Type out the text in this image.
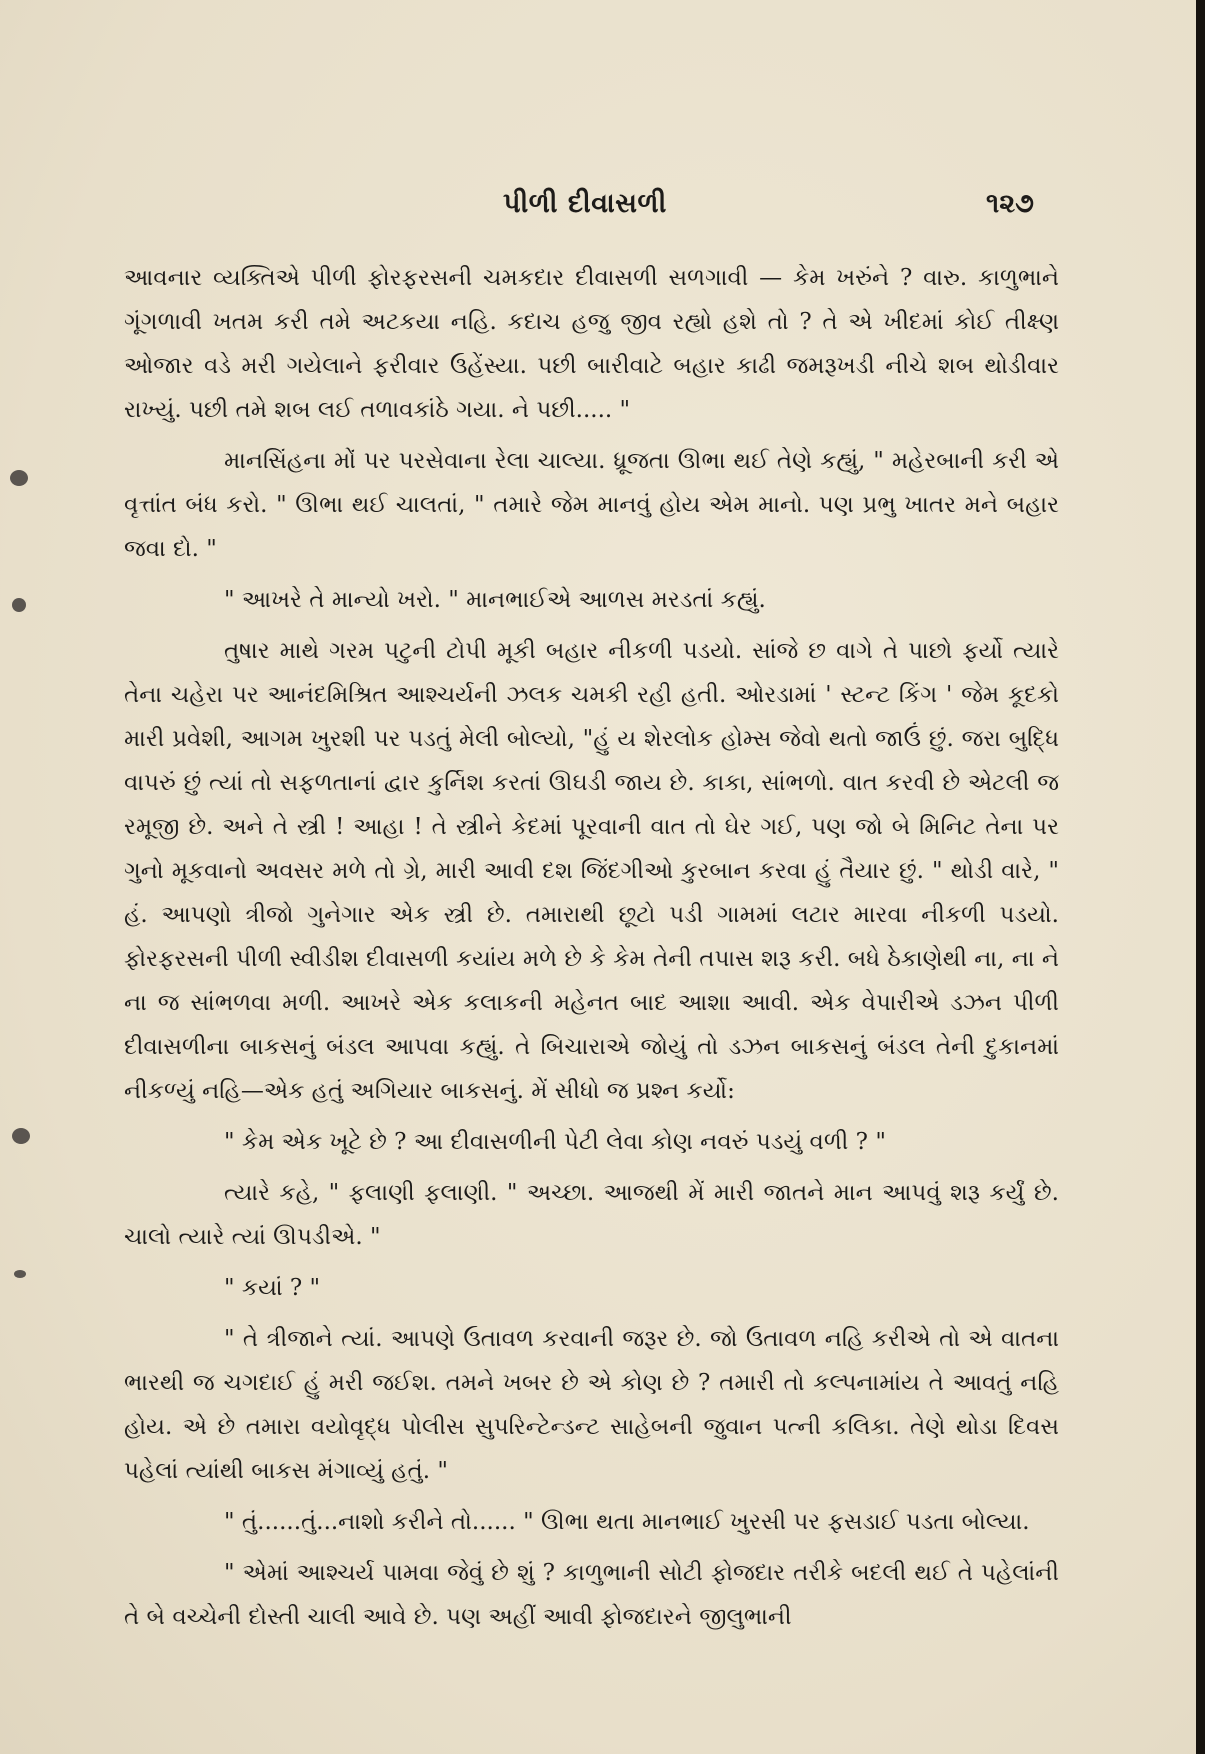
પીળી દીવાસળી	૧૨૭

આવનાર વ્યક્તિએ પીળી ફોરફરસની ચમકદાર દીવાસળી સળગાવી — કેમ ખરુંને ? વારુ. કાળુભાને ગૂંગળાવી ખતમ કરી તમે અટકયા નહિ. કદાચ હજુ જીવ રહ્યો હશે તો ? તે એ ખીદમાં કોઈ તીક્ષ્ણ ઓજાર વડે મરી ગયેલાને ફરીવાર ઉહેંસ્યા. પછી બારીવાટે બહાર કાઢી જમરૂખડી નીચે શબ થોડીવાર રાખ્યું. પછી તમે શબ લઈ તળાવકાંઠે ગયા. ને પછી..... "

માનસિંહના મોં પર પરસેવાના રેલા ચાલ્યા. ધ્રૂજતા ઊભા થઈ તેણે કહ્યું, " મહેરબાની કરી એ વૃત્તાંત બંધ કરો. " ઊભા થઈ ચાલતાં, " તમારે જેમ માનવું હોય એમ માનો. પણ પ્રભુ ખાતર મને બહાર જવા દો. "

" આખરે તે માન્યો ખરો. " માનભાઈએ આળસ મરડતાં કહ્યું.

તુષાર માથે ગરમ પટુની ટોપી મૂકી બહાર નીકળી પડયો. સાંજે છ વાગે તે પાછો ફર્યો ત્યારે તેના ચહેરા પર આનંદમિશ્રિત આશ્ચર્યની ઝલક ચમકી રહી હતી. ઓરડામાં ' સ્ટન્ટ કિંગ ' જેમ કૂદકો મારી પ્રવેશી, આગમ ખુરશી પર પડતું મેલી બોલ્યો, "હું ય શેરલોક હોમ્સ જેવો થતો જાઉં છું. જરા બુદ્ધિ વાપરું છું ત્યાં તો સફળતાનાં દ્વાર કુર્નિશ કરતાં ઊઘડી જાય છે. કાકા, સાંભળો. વાત કરવી છે એટલી જ રમૂજી છે. અને તે સ્ત્રી ! આહા ! તે સ્ત્રીને કેદમાં પૂરવાની વાત તો ઘેર ગઈ, પણ જો બે મિનિટ તેના પર ગુનો મૂકવાનો અવસર મળે તો ગ્રે, મારી આવી દશ જિંદગીઓ કુરબાન કરવા હું તૈયાર છું. " થોડી વારે, " હં. આપણો ત્રીજો ગુનેગાર એક સ્ત્રી છે. તમારાથી છૂટો પડી ગામમાં લટાર મારવા નીકળી પડયો. ફોરફરસની પીળી સ્વીડીશ દીવાસળી કયાંય મળે છે કે કેમ તેની તપાસ શરૂ કરી. બધે ઠેકાણેથી ના, ના ને ના જ સાંભળવા મળી. આખરે એક કલાકની મહેનત બાદ આશા આવી. એક વેપારીએ ડઝન પીળી દીવાસળીના બાકસનું બંડલ આપવા કહ્યું. તે બિચારાએ જોયું તો ડઝન બાકસનું બંડલ તેની દુકાનમાં નીકળ્યું નહિ—એક હતું અગિયાર બાકસનું. મેં સીધો જ પ્રશ્ન કર્યો:

" કેમ એક ખૂટે છે ? આ દીવાસળીની પેટી લેવા કોણ નવરું પડયું વળી ? "

ત્યારે કહે, " ફલાણી ફલાણી. " અચ્છા. આજથી મેં મારી જાતને માન આપવું શરૂ કર્યું છે. ચાલો ત્યારે ત્યાં ઊપડીએ. "

" કયાં ? "

" તે ત્રીજાને ત્યાં. આપણે ઉતાવળ કરવાની જરૂર છે. જો ઉતાવળ નહિ કરીએ તો એ વાતના ભારથી જ ચગદાઈ હું મરી જઈશ. તમને ખબર છે એ કોણ છે ? તમારી તો કલ્પનામાંય તે આવતું નહિ હોય. એ છે તમારા વયોવૃદ્ધ પોલીસ સુપરિન્ટેન્ડન્ટ સાહેબની જુવાન પત્ની કલિકા. તેણે થોડા દિવસ પહેલાં ત્યાંથી બાકસ મંગાવ્યું હતું. "

" તું......તું...નાશો કરીને તો...... " ઊભા થતા માનભાઈ ખુરસી પર ફસડાઈ પડતા બોલ્યા.

" એમાં આશ્ચર્ય પામવા જેવું છે શું ? કાળુભાની સોટી ફોજદાર તરીકે બદલી થઈ તે પહેલાંની તે બે વચ્ચેની દોસ્તી ચાલી આવે છે. પણ અહીં આવી ફોજદારને જીલુભાની
